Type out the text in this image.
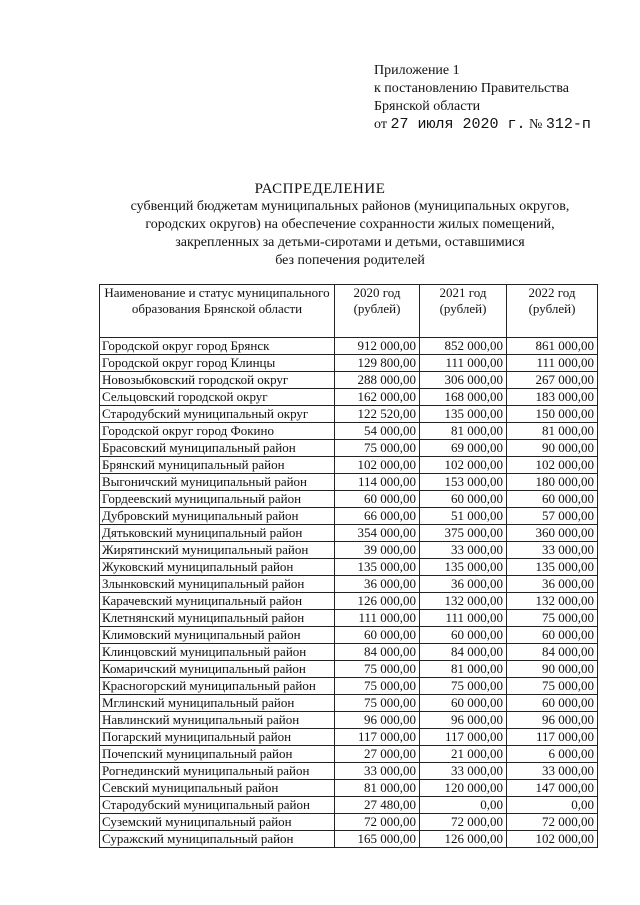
Приложение 1
к постановлению Правительства
Брянской области
от 27 июля 2020 г. № 312-п
РАСПРЕДЕЛЕНИЕ
субвенций бюджетам муниципальных районов (муниципальных округов,
городских округов) на обеспечение сохранности жилых помещений,
закрепленных за детьми-сиротами и детьми, оставшимися
без попечения родителей
Наименование и статус муниципального образования Брянской области	2020 год (рублей)	2021 год (рублей)	2022 год (рублей)

Городской округ город Брянск	912 000,00	852 000,00	861 000,00
Городской округ город Клинцы	129 800,00	111 000,00	111 000,00
Новозыбковский городской округ	288 000,00	306 000,00	267 000,00
Сельцовский городской округ	162 000,00	168 000,00	183 000,00
Стародубский муниципальный округ	122 520,00	135 000,00	150 000,00
Городской округ город Фокино	54 000,00	81 000,00	81 000,00
Брасовский муниципальный район	75 000,00	69 000,00	90 000,00
Брянский муниципальный район	102 000,00	102 000,00	102 000,00
Выгоничский муниципальный район	114 000,00	153 000,00	180 000,00
Гордеевский муниципальный район	60 000,00	60 000,00	60 000,00
Дубровский муниципальный район	66 000,00	51 000,00	57 000,00
Дятьковский муниципальный район	354 000,00	375 000,00	360 000,00
Жирятинский муниципальный район	39 000,00	33 000,00	33 000,00
Жуковский муниципальный район	135 000,00	135 000,00	135 000,00
Злынковский муниципальный район	36 000,00	36 000,00	36 000,00
Карачевский муниципальный район	126 000,00	132 000,00	132 000,00
Клетнянский муниципальный район	111 000,00	111 000,00	75 000,00
Климовский муниципальный район	60 000,00	60 000,00	60 000,00
Клинцовский муниципальный район	84 000,00	84 000,00	84 000,00
Комаричский муниципальный район	75 000,00	81 000,00	90 000,00
Красногорский муниципальный район	75 000,00	75 000,00	75 000,00
Мглинский муниципальный район	75 000,00	60 000,00	60 000,00
Навлинский муниципальный район	96 000,00	96 000,00	96 000,00
Погарский муниципальный район	117 000,00	117 000,00	117 000,00
Почепский муниципальный район	27 000,00	21 000,00	6 000,00
Рогнединский муниципальный район	33 000,00	33 000,00	33 000,00
Севский муниципальный район	81 000,00	120 000,00	147 000,00
Стародубский муниципальный район	27 480,00	0,00	0,00
Суземский муниципальный район	72 000,00	72 000,00	72 000,00
Суражский муниципальный район	165 000,00	126 000,00	102 000,00
